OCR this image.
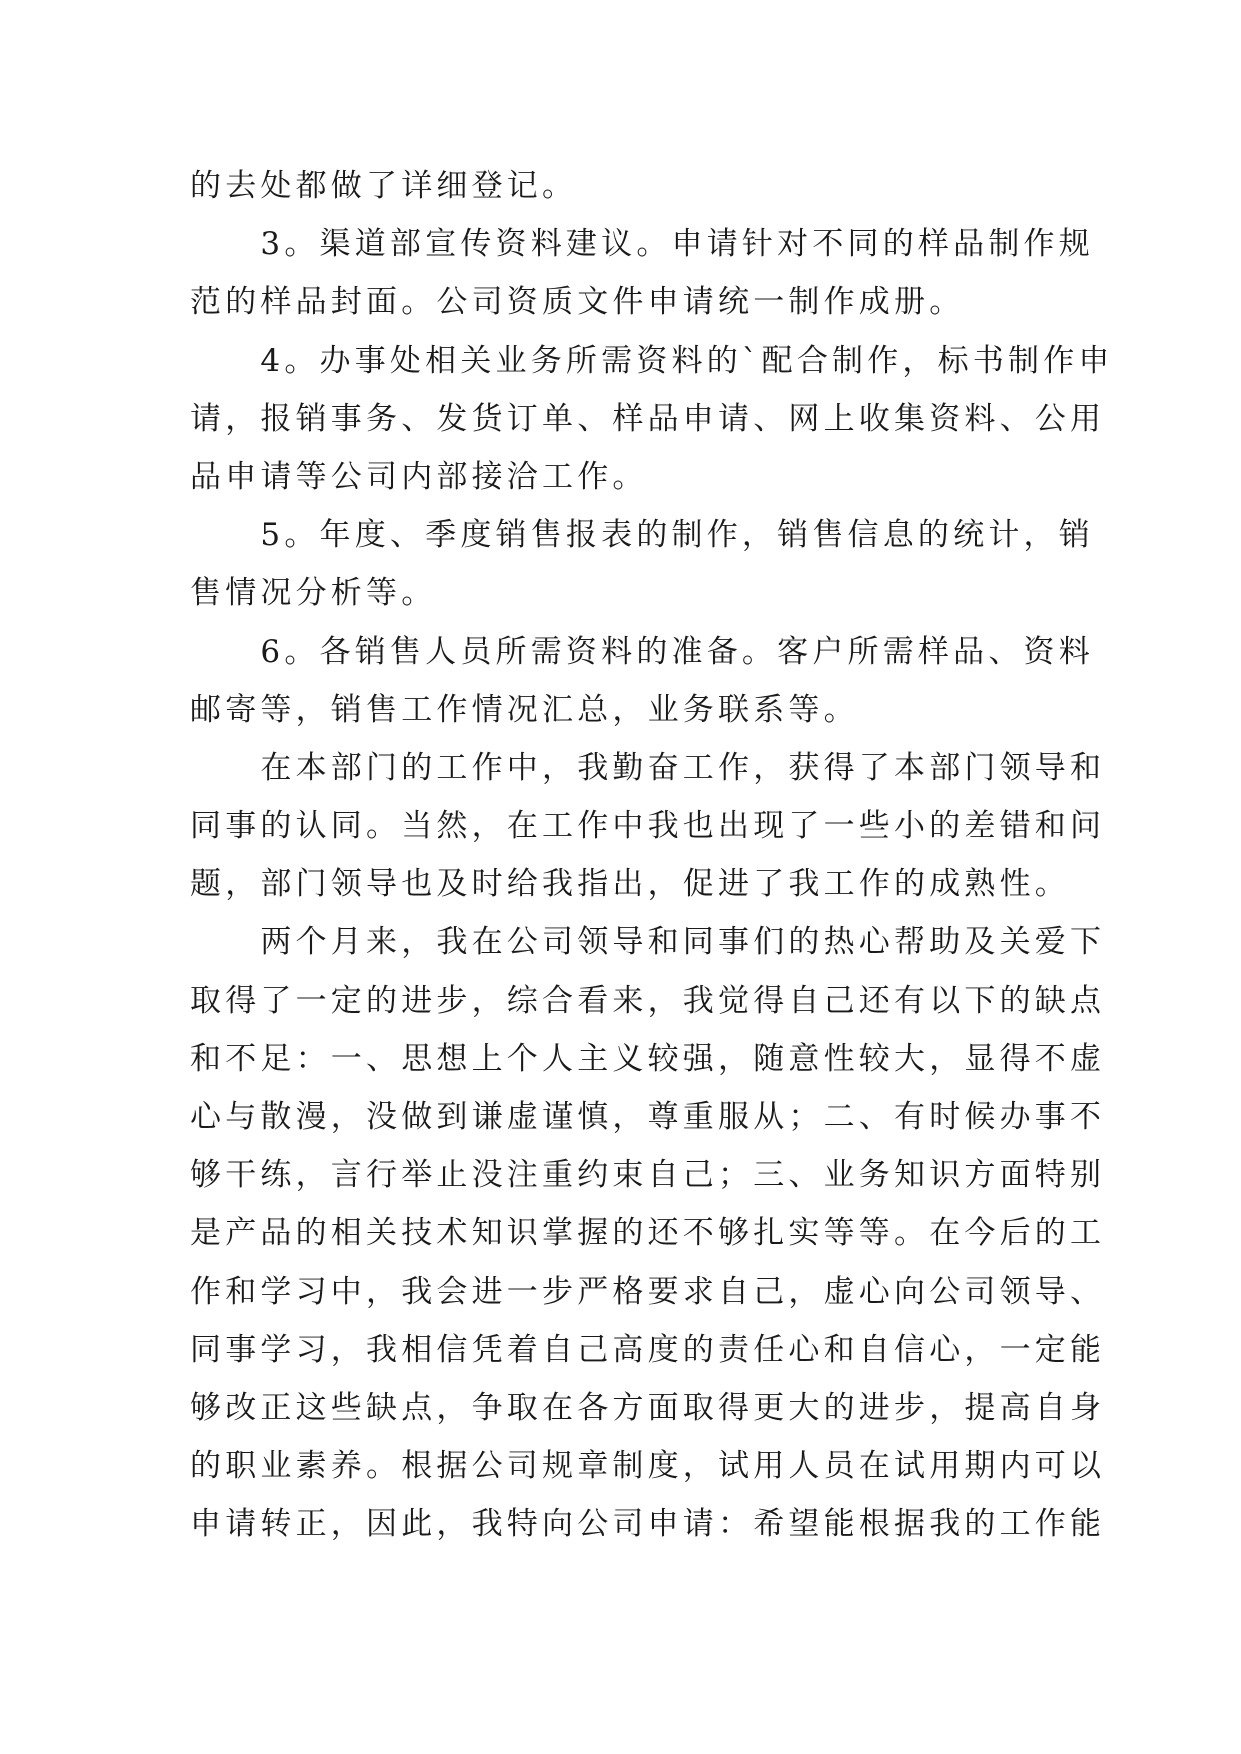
的去处都做了详细登记。
　　3。渠道部宣传资料建议。申请针对不同的样品制作规
范的样品封面。公司资质文件申请统一制作成册。
　　4。办事处相关业务所需资料的`配合制作，标书制作申
请，报销事务、发货订单、样品申请、网上收集资料、公用
品申请等公司内部接洽工作。
　　5。年度、季度销售报表的制作，销售信息的统计，销
售情况分析等。
　　6。各销售人员所需资料的准备。客户所需样品、资料
邮寄等，销售工作情况汇总，业务联系等。
　　在本部门的工作中，我勤奋工作，获得了本部门领导和
同事的认同。当然，在工作中我也出现了一些小的差错和问
题，部门领导也及时给我指出，促进了我工作的成熟性。
　　两个月来，我在公司领导和同事们的热心帮助及关爱下
取得了一定的进步，综合看来，我觉得自己还有以下的缺点
和不足：一、思想上个人主义较强，随意性较大，显得不虚
心与散漫，没做到谦虚谨慎，尊重服从；二、有时候办事不
够干练，言行举止没注重约束自己；三、业务知识方面特别
是产品的相关技术知识掌握的还不够扎实等等。在今后的工
作和学习中，我会进一步严格要求自己，虚心向公司领导、
同事学习，我相信凭着自己高度的责任心和自信心，一定能
够改正这些缺点，争取在各方面取得更大的进步，提高自身
的职业素养。根据公司规章制度，试用人员在试用期内可以
申请转正，因此，我特向公司申请：希望能根据我的工作能
